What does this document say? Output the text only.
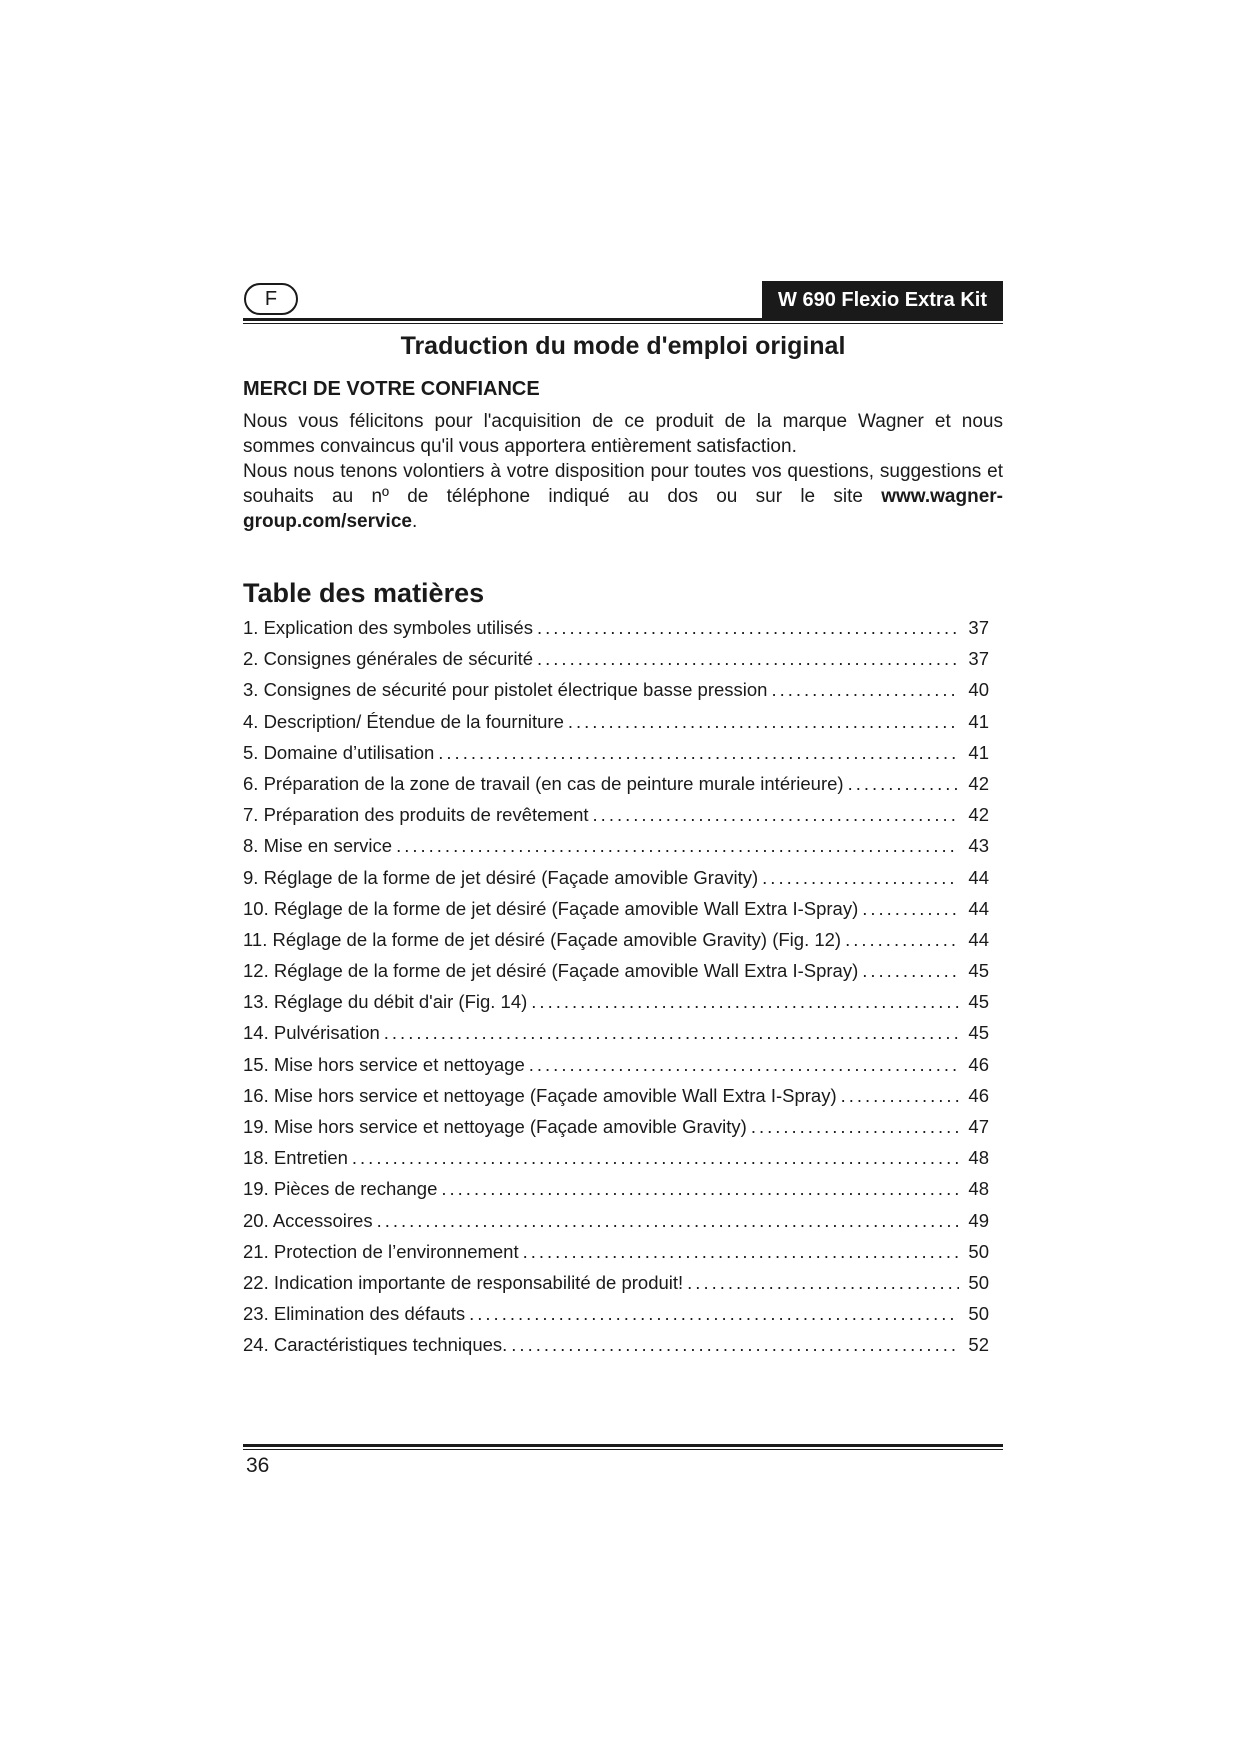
F	W 690 Flexio Extra Kit
Traduction du mode d'emploi original
MERCI DE VOTRE CONFIANCE

Nous vous félicitons pour l'acquisition de ce produit de la marque Wagner et nous sommes convaincus qu'il vous apportera entièrement satisfaction.

Nous nous tenons volontiers à votre disposition pour toutes vos questions, suggestions et souhaits au nº de téléphone indiqué au dos ou sur le site www.wagner-group.com/service.

Table des matières
1. Explication des symboles utilisés .....	37
2. Consignes générales de sécurité .....	37
3. Consignes de sécurité pour pistolet électrique basse pression .....	40
4. Description/ Étendue de la fourniture .....	41
5. Domaine d’utilisation .....	41
6. Préparation de la zone de travail (en cas de peinture murale intérieure) .....	42
7. Préparation des produits de revêtement .....	42
8. Mise en service .....	43
9. Réglage de la forme de jet désiré (Façade amovible Gravity) .....	44
10. Réglage de la forme de jet désiré (Façade amovible Wall Extra I-Spray) .....	44
11. Réglage de la forme de jet désiré (Façade amovible Gravity) (Fig. 12) .....	44
12. Réglage de la forme de jet désiré (Façade amovible Wall Extra I-Spray) .....	45
13. Réglage du débit d'air (Fig. 14) .....	45
14. Pulvérisation .....	45
15. Mise hors service et nettoyage .....	46
16. Mise hors service et nettoyage (Façade amovible Wall Extra I-Spray) .....	46
19. Mise hors service et nettoyage (Façade amovible Gravity) .....	47
18. Entretien .....	48
19. Pièces de rechange .....	48
20. Accessoires .....	49
21. Protection de l’environnement .....	50
22. Indication importante de responsabilité de produit! .....	50
23. Elimination des défauts .....	50
24. Caractéristiques techniques. .....	52
36
